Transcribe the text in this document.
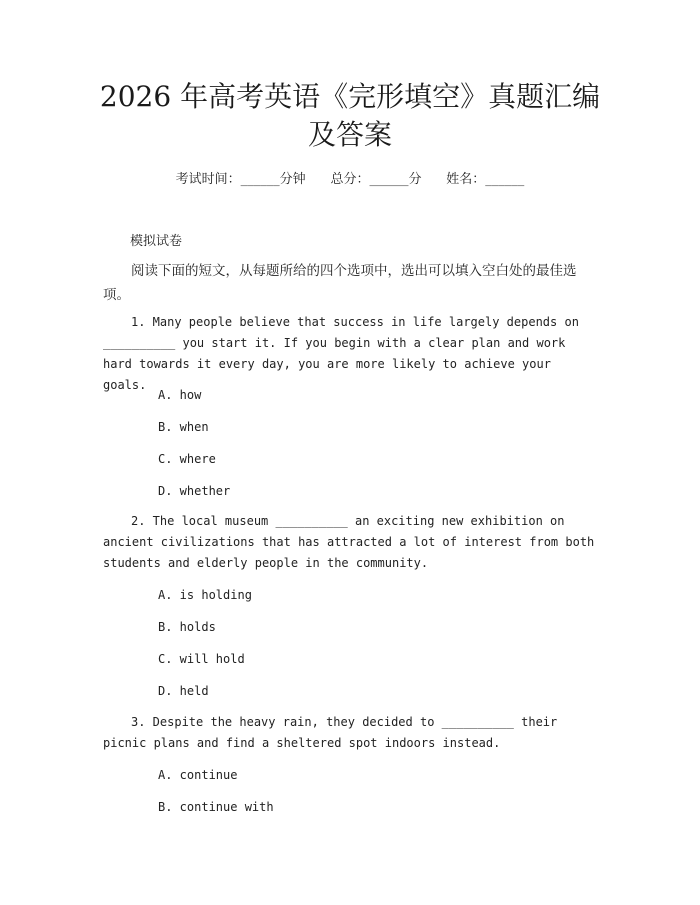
2026 年高考英语《完形填空》真题汇编及答案
考试时间：______分钟 总分：______分 姓名：______
模拟试卷
阅读下面的短文，从每题所给的四个选项中，选出可以填入空白处的最佳选项。
1. Many people believe that success in life largely depends on __________ you start it. If you begin with a clear plan and work hard towards it every day, you are more likely to achieve your goals.
A. how
B. when
C. where
D. whether
2. The local museum __________ an exciting new exhibition on ancient civilizations that has attracted a lot of interest from both students and elderly people in the community.
A. is holding
B. holds
C. will hold
D. held
3. Despite the heavy rain, they decided to __________ their picnic plans and find a sheltered spot indoors instead.
A. continue
B. continue with
